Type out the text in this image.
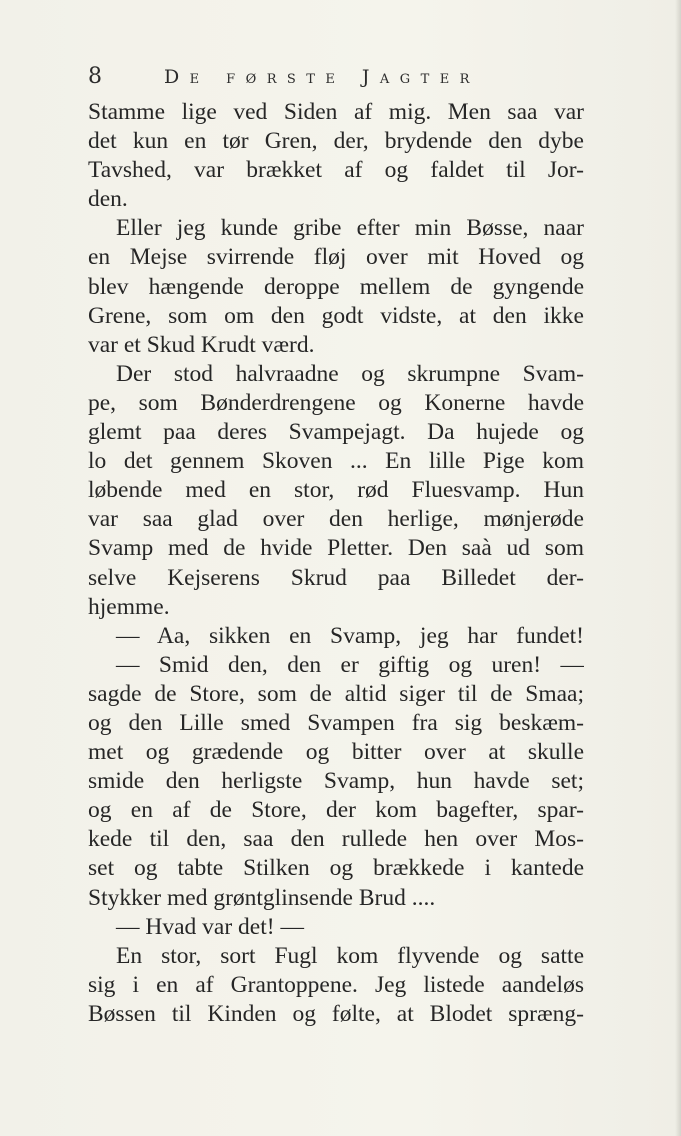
8	De første Jagter
Stamme lige ved Siden af mig. Men saa var
det kun en tør Gren, der, brydende den dybe
Tavshed, var brækket af og faldet til Jor-
den.
Eller jeg kunde gribe efter min Bøsse, naar
en Mejse svirrende fløj over mit Hoved og
blev hængende deroppe mellem de gyngende
Grene, som om den godt vidste, at den ikke
var et Skud Krudt værd.
Der stod halvraadne og skrumpne Svam-
pe, som Bønderdrengene og Konerne havde
glemt paa deres Svampejagt. Da hujede og
lo det gennem Skoven ... En lille Pige kom
løbende med en stor, rød Fluesvamp. Hun
var saa glad over den herlige, mønjerøde
Svamp med de hvide Pletter. Den saà ud som
selve Kejserens Skrud paa Billedet der-
hjemme.
— Aa, sikken en Svamp, jeg har fundet!
— Smid den, den er giftig og uren! —
sagde de Store, som de altid siger til de Smaa;
og den Lille smed Svampen fra sig beskæm-
met og grædende og bitter over at skulle
smide den herligste Svamp, hun havde set;
og en af de Store, der kom bagefter, spar-
kede til den, saa den rullede hen over Mos-
set og tabte Stilken og brækkede i kantede
Stykker med grøntglinsende Brud ....
— Hvad var det! —
En stor, sort Fugl kom flyvende og satte
sig i en af Grantoppene. Jeg listede aandeløs
Bøssen til Kinden og følte, at Blodet spræng-
